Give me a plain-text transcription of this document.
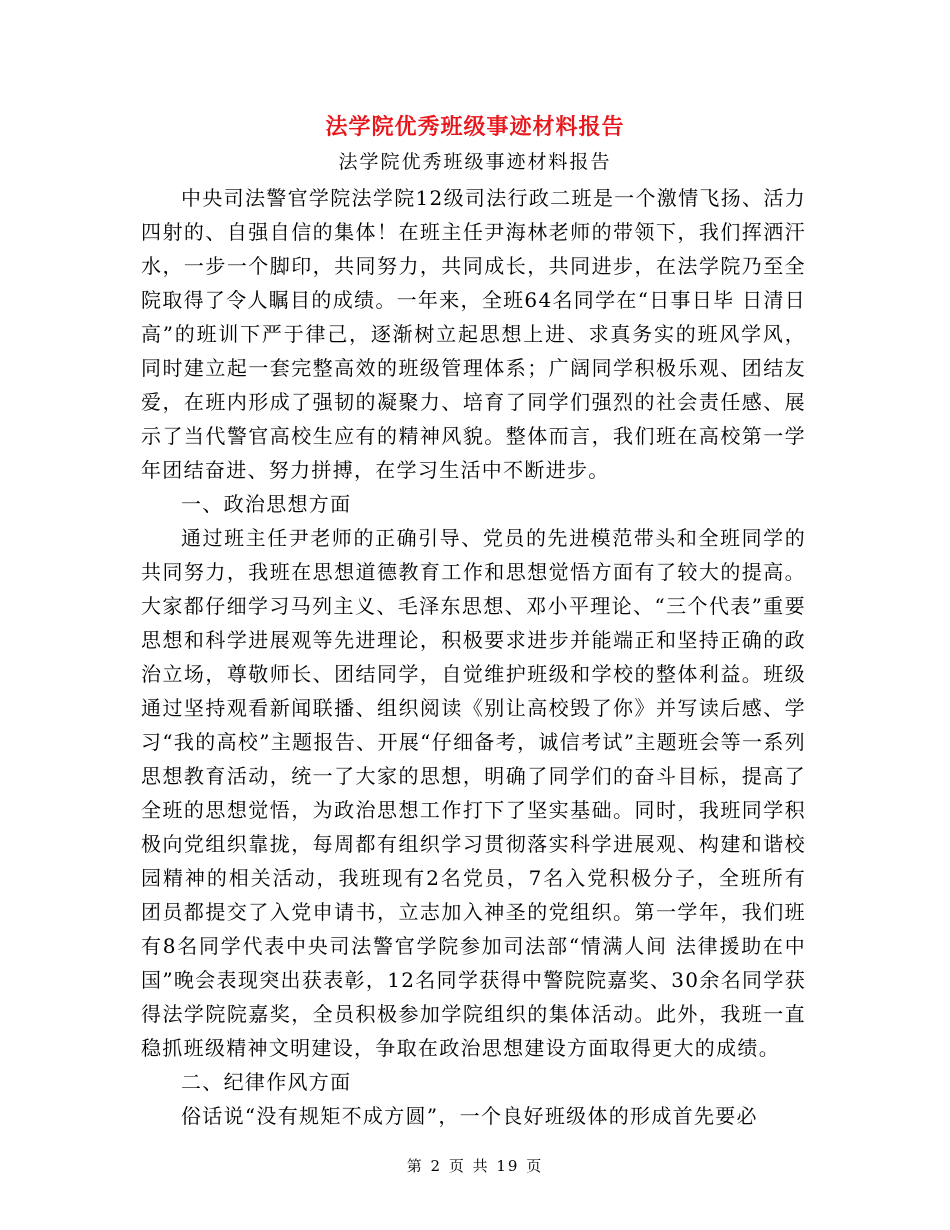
法学院优秀班级事迹材料报告
法学院优秀班级事迹材料报告

中央司法警官学院法学院12级司法行政二班是一个激情飞扬、活力四射的、自强自信的集体！在班主任尹海林老师的带领下，我们挥洒汗水，一步一个脚印，共同努力，共同成长，共同进步，在法学院乃至全院取得了令人瞩目的成绩。一年来，全班64名同学在“日事日毕 日清日高”的班训下严于律己，逐渐树立起思想上进、求真务实的班风学风，同时建立起一套完整高效的班级管理体系；广阔同学积极乐观、团结友爱，在班内形成了强韧的凝聚力、培育了同学们强烈的社会责任感、展示了当代警官高校生应有的精神风貌。整体而言，我们班在高校第一学年团结奋进、努力拼搏，在学习生活中不断进步。

一、政治思想方面

通过班主任尹老师的正确引导、党员的先进模范带头和全班同学的共同努力，我班在思想道德教育工作和思想觉悟方面有了较大的提高。大家都仔细学习马列主义、毛泽东思想、邓小平理论、“三个代表”重要思想和科学进展观等先进理论，积极要求进步并能端正和坚持正确的政治立场，尊敬师长、团结同学，自觉维护班级和学校的整体利益。班级通过坚持观看新闻联播、组织阅读《别让高校毁了你》并写读后感、学习“我的高校”主题报告、开展“仔细备考，诚信考试”主题班会等一系列思想教育活动，统一了大家的思想，明确了同学们的奋斗目标，提高了全班的思想觉悟，为政治思想工作打下了坚实基础。同时，我班同学积极向党组织靠拢，每周都有组织学习贯彻落实科学进展观、构建和谐校园精神的相关活动，我班现有2名党员，7名入党积极分子，全班所有团员都提交了入党申请书，立志加入神圣的党组织。第一学年，我们班有8名同学代表中央司法警官学院参加司法部“情满人间 法律援助在中国”晚会表现突出获表彰，12名同学获得中警院院嘉奖、30余名同学获得法学院院嘉奖，全员积极参加学院组织的集体活动。此外，我班一直稳抓班级精神文明建设，争取在政治思想建设方面取得更大的成绩。

二、纪律作风方面

俗话说“没有规矩不成方圆”，一个良好班级体的形成首先要必

第 2 页 共 19 页
